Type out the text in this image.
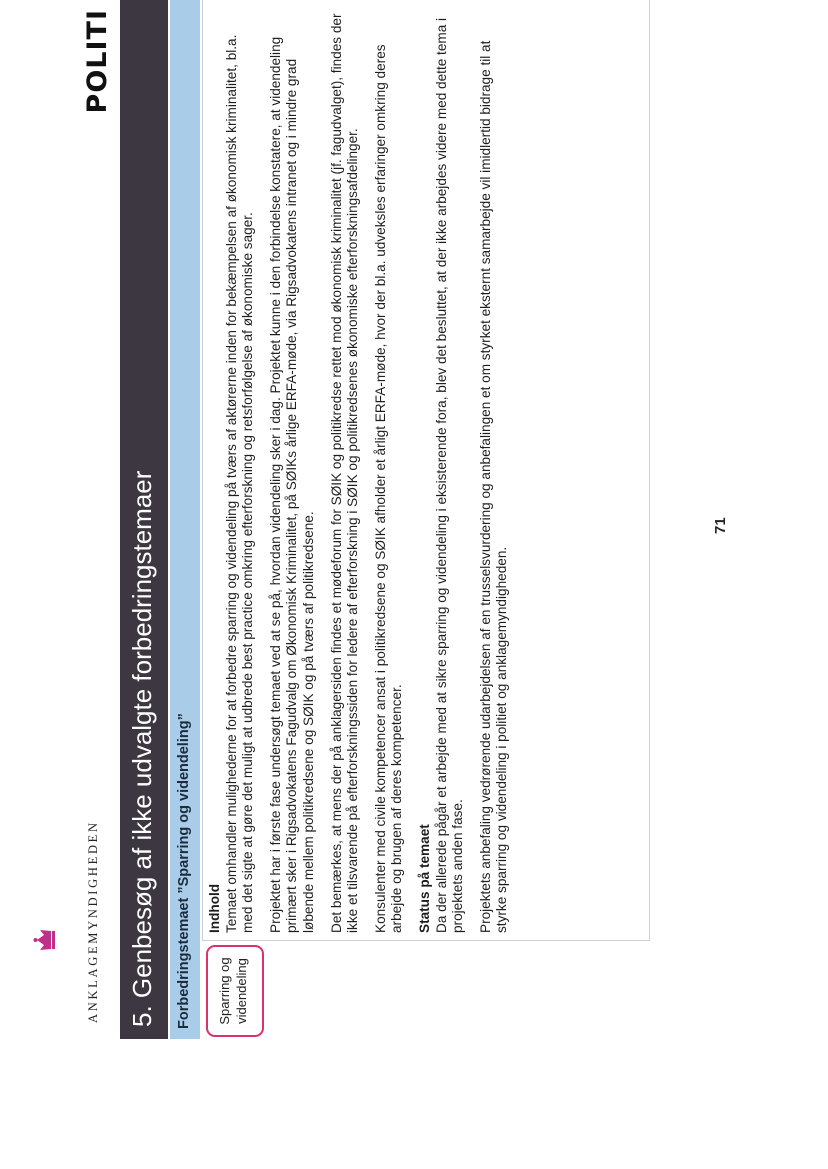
ANKLAGEMYNDIGHEDEN
POLITI
5. Genbesøg af ikke udvalgte forbedringstemaer Forbedringstemaet ”Sparring og videndeling” Sparring og videndeling
Indhold Temaet omhandler mulighederne for at forbedre sparring og videndeling på tværs af aktørerne inden for bekæmpelsen af økonomisk kriminalitet, bl.a. med det sigte at gøre det muligt at udbrede best practice omkring efterforskning og retsforfølgelse af økonomiske sager. Projektet har i første fase undersøgt temaet ved at se på, hvordan videndeling sker i dag. Projektet kunne i den forbindelse konstatere, at videndeling primært sker i Rigsadvokatens Fagudvalg om Økonomisk Kriminalitet, på SØIKs årlige ERFA-møde, via Rigsadvokatens intranet og i mindre grad løbende mellem politikredsene og SØIK og på tværs af politikredsene. Det bemærkes, at mens der på anklagersiden findes et mødeforum for SØIK og politikredse rettet mod økonomisk kriminalitet (jf. fagudvalget), findes der ikke et tilsvarende på efterforskningssiden for ledere af efterforskning i SØIK og politikredsenes økonomiske efterforskningsafdelinger. Konsulenter med civile kompetencer ansat i politikredsene og SØIK afholder et årligt ERFA-møde, hvor der bl.a. udveksles erfaringer omkring deres arbejde og brugen af deres kompetencer. Status på temaet Da der allerede pågår et arbejde med at sikre sparring og videndeling i eksisterende fora, blev det besluttet, at der ikke arbejdes videre med dette tema i projektets anden fase. Projektets anbefaling vedrørende udarbejdelsen af en trusselsvurdering og anbefalingen et om styrket eksternt samarbejde vil imidlertid bidrage til at styrke sparring og videndeling i politiet og anklagemyndigheden.

71
